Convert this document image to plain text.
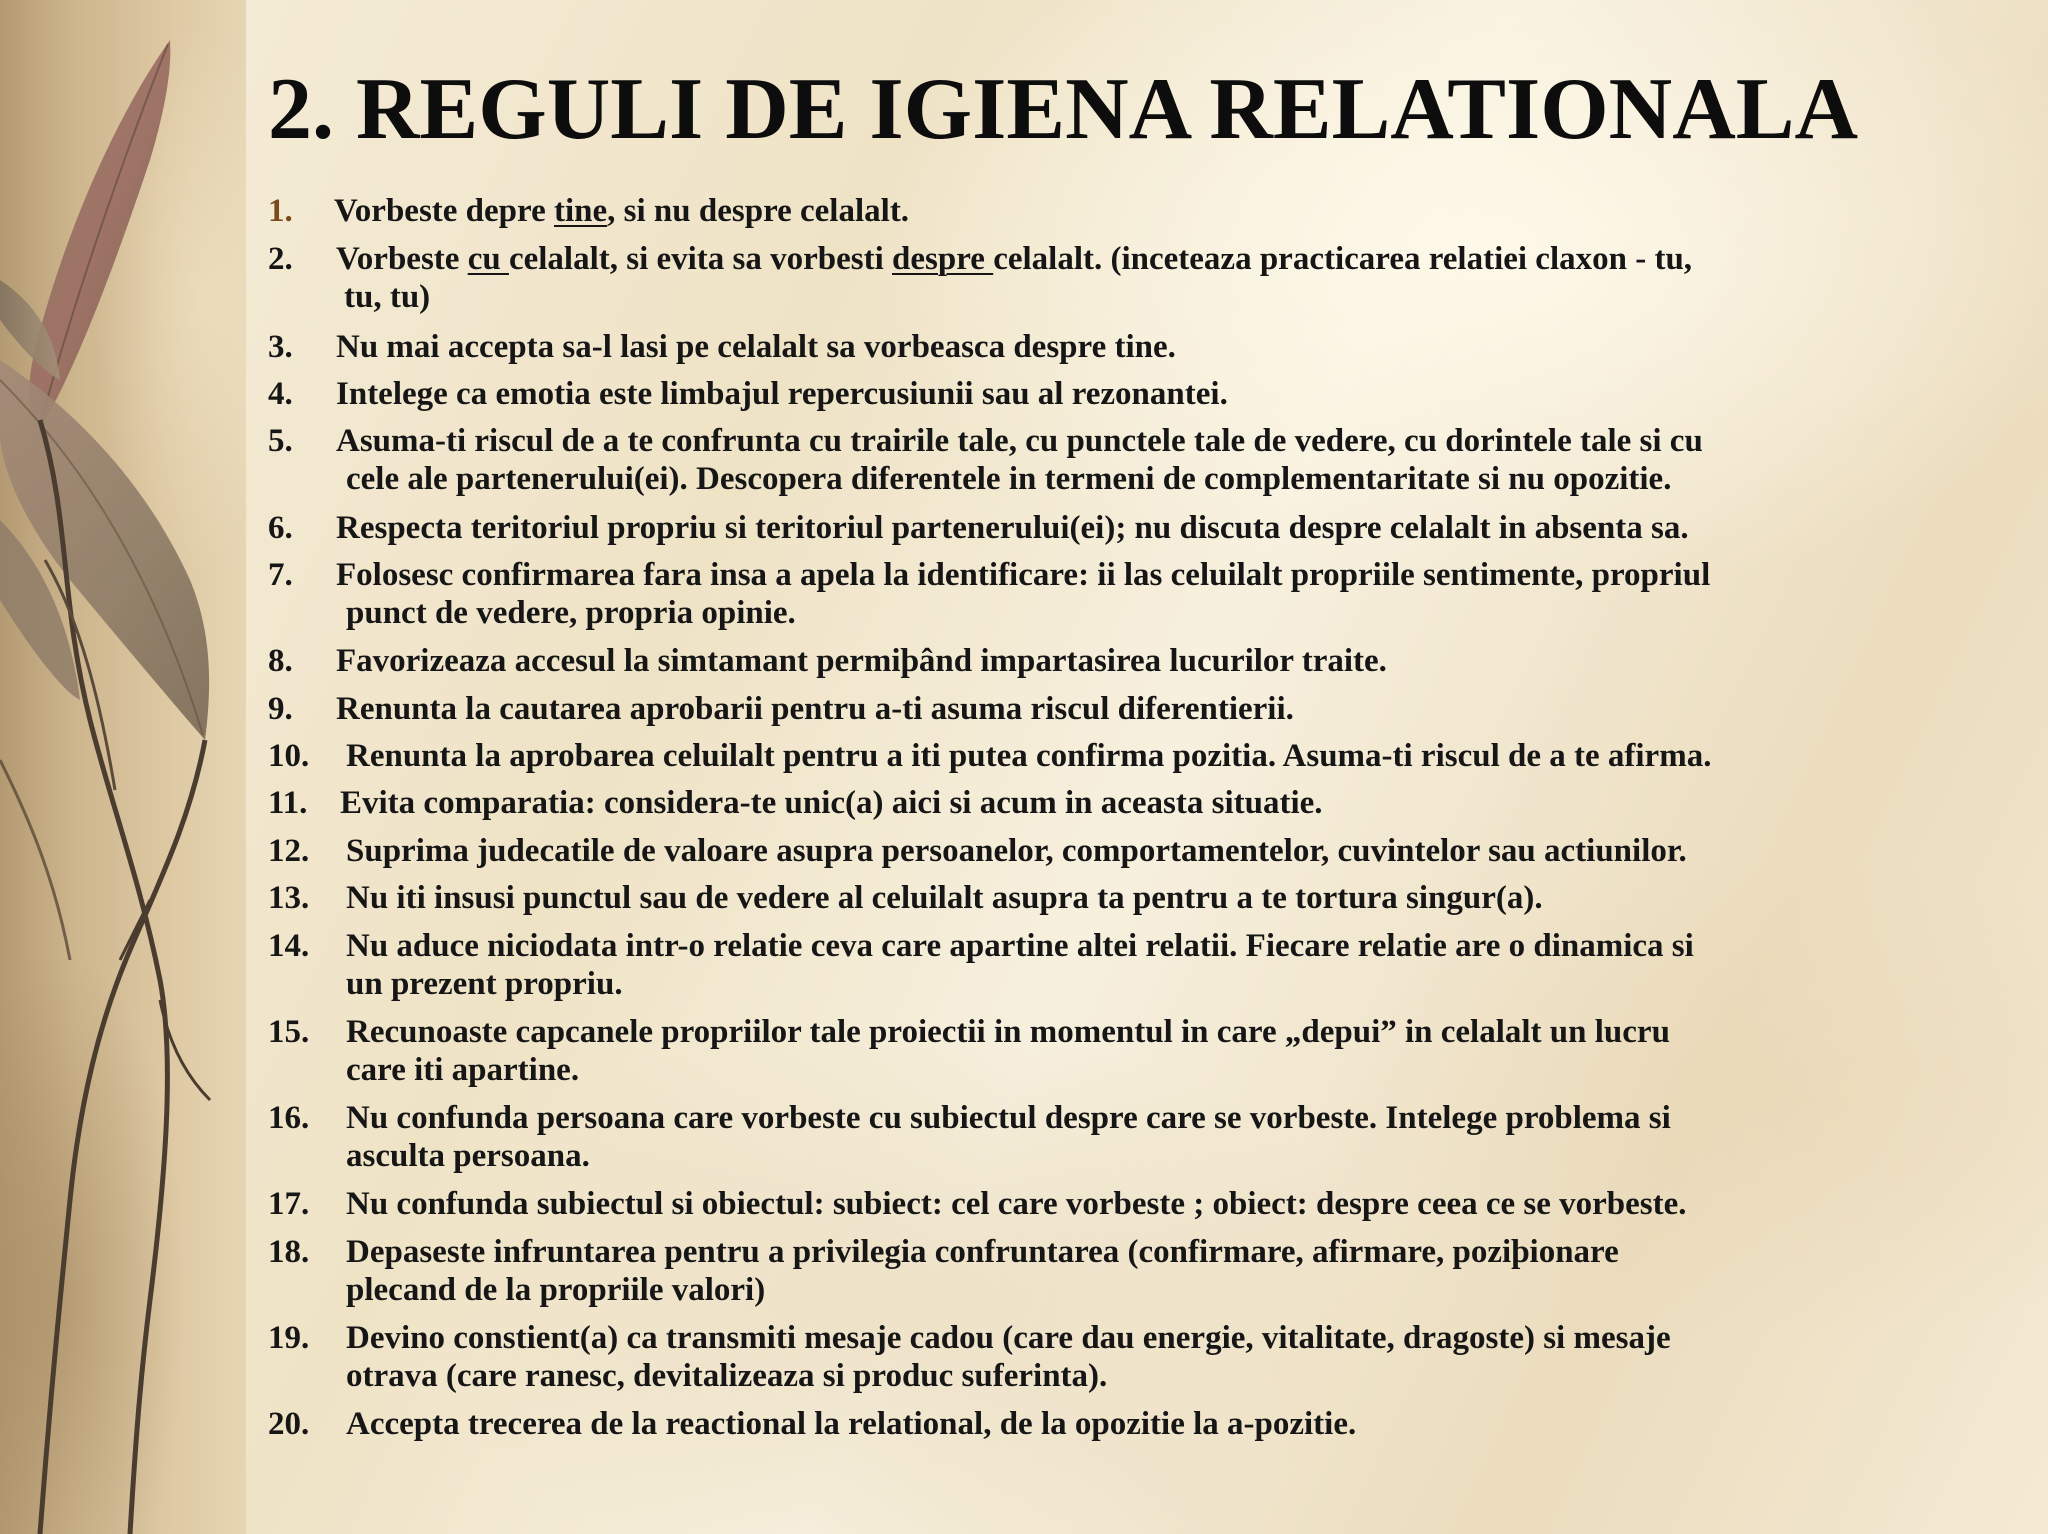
2. REGULI DE IGIENA RELATIONALA
1.	Vorbeste depre tine, si nu despre celalalt.
2.	Vorbeste cu celalalt, si evita sa vorbesti despre celalalt. (inceteaza practicarea relatiei claxon - tu,
tu, tu)
3.	Nu mai accepta sa-l lasi pe celalalt sa vorbeasca despre tine.
4.	Intelege ca emotia este limbajul repercusiunii sau al rezonantei.
5.	Asuma-ti riscul de a te confrunta cu trairile tale, cu punctele tale de vedere, cu dorintele tale si cu
cele ale partenerului(ei). Descopera diferentele in termeni de complementaritate si nu opozitie.
6.	Respecta teritoriul propriu si teritoriul partenerului(ei); nu discuta despre celalalt in absenta sa.
7.	Folosesc confirmarea fara insa a apela la identificare: ii las celuilalt propriile sentimente, propriul
punct de vedere, propria opinie.
8.	Favorizeaza accesul la simtamant permiþând impartasirea lucurilor traite.
9.	Renunta la cautarea aprobarii pentru a-ti asuma riscul diferentierii.
10.	Renunta la aprobarea celuilalt pentru a iti putea confirma pozitia. Asuma-ti riscul de a te afirma.
11. Evita comparatia: considera-te unic(a) aici si acum in aceasta situatie.
12.	Suprima judecatile de valoare asupra persoanelor, comportamentelor, cuvintelor sau actiunilor.
13.	Nu iti insusi punctul sau de vedere al celuilalt asupra ta pentru a te tortura singur(a).
14.	Nu aduce niciodata intr-o relatie ceva care apartine altei relatii. Fiecare relatie are o dinamica si
un prezent propriu.
15.	Recunoaste capcanele propriilor tale proiectii in momentul in care „depui” in celalalt un lucru
care iti apartine.
16.	Nu confunda persoana care vorbeste cu subiectul despre care se vorbeste. Intelege problema si
asculta persoana.
17.	Nu confunda subiectul si obiectul: subiect: cel care vorbeste ; obiect: despre ceea ce se vorbeste.
18.	Depaseste infruntarea pentru a privilegia confruntarea (confirmare, afirmare, poziþionare
plecand de la propriile valori)
19.	Devino constient(a) ca transmiti mesaje cadou (care dau energie, vitalitate, dragoste) si mesaje
otrava (care ranesc, devitalizeaza si produc suferinta).
20.	Accepta trecerea de la reactional la relational, de la opozitie la a-pozitie.
